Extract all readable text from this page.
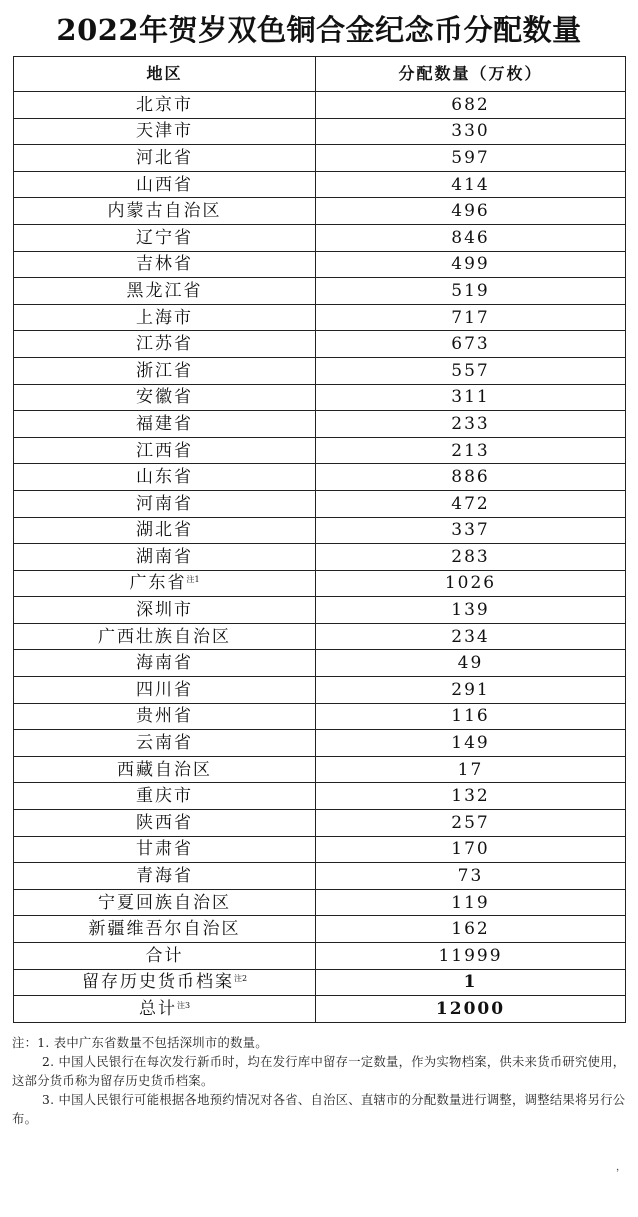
2022年贺岁双色铜合金纪念币分配数量
地区	分配数量（万枚）
北京市	682
天津市	330
河北省	597
山西省	414
内蒙古自治区	496
辽宁省	846
吉林省	499
黑龙江省	519
上海市	717
江苏省	673
浙江省	557
安徽省	311
福建省	233
江西省	213
山东省	886
河南省	472
湖北省	337
湖南省	283
广东省$^{注1}$	1026
深圳市	139
广西壮族自治区	234
海南省	49
四川省	291
贵州省	116
云南省	149
西藏自治区	17
重庆市	132
陕西省	257
甘肃省	170
青海省	73
宁夏回族自治区	119
新疆维吾尔自治区	162
合计	11999
留存历史货币档案$^{注2}$	1
总计$^{注3}$	12000

注：1. 表中广东省数量不包括深圳市的数量。

2. 中国人民银行在每次发行新币时，均在发行库中留存一定数量，作为实物档案，供未来货币研究使用，这部分货币称为留存历史货币档案。

3. 中国人民银行可能根据各地预约情况对各省、自治区、直辖市的分配数量进行调整，调整结果将另行公布。

，
